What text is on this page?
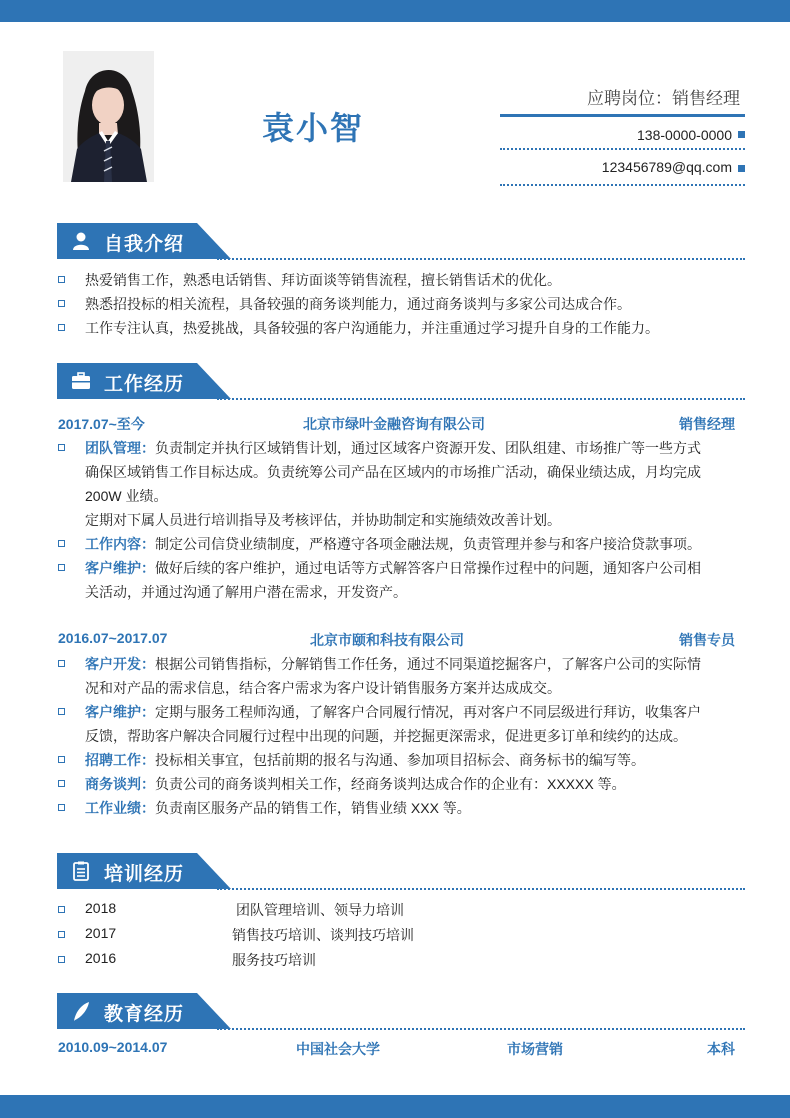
袁小智
应聘岗位：销售经理
138-0000-0000
123456789@qq.com
自我介绍
热爱销售工作，熟悉电话销售、拜访面谈等销售流程，擅长销售话术的优化。
熟悉招投标的相关流程，具备较强的商务谈判能力，通过商务谈判与多家公司达成合作。
工作专注认真，热爱挑战，具备较强的客户沟通能力，并注重通过学习提升自身的工作能力。
工作经历
2017.07~至今	北京市绿叶金融咨询有限公司	销售经理
团队管理：负责制定并执行区域销售计划，通过区域客户资源开发、团队组建、市场推广等一些方式
确保区域销售工作目标达成。负责统筹公司产品在区域内的市场推广活动，确保业绩达成，月均完成
200W 业绩。
定期对下属人员进行培训指导及考核评估，并协助制定和实施绩效改善计划。
工作内容：制定公司信贷业绩制度，严格遵守各项金融法规，负责管理并参与和客户接洽贷款事项。
客户维护：做好后续的客户维护，通过电话等方式解答客户日常操作过程中的问题，通知客户公司相
关活动，并通过沟通了解用户潜在需求，开发资产。
2016.07~2017.07	北京市颐和科技有限公司	销售专员
客户开发：根据公司销售指标，分解销售工作任务，通过不同渠道挖掘客户，了解客户公司的实际情
况和对产品的需求信息，结合客户需求为客户设计销售服务方案并达成成交。
客户维护：定期与服务工程师沟通，了解客户合同履行情况，再对客户不同层级进行拜访，收集客户
反馈，帮助客户解决合同履行过程中出现的问题，并挖掘更深需求，促进更多订单和续约的达成。
招聘工作：投标相关事宜，包括前期的报名与沟通、参加项目招标会、商务标书的编写等。
商务谈判：负责公司的商务谈判相关工作，经商务谈判达成合作的企业有：XXXXX 等。
工作业绩：负责南区服务产品的销售工作，销售业绩 XXX 等。
培训经历
2018	团队管理培训、领导力培训
2017	销售技巧培训、谈判技巧培训
2016	服务技巧培训
教育经历
2010.09~2014.07	中国社会大学	市场营销	本科
